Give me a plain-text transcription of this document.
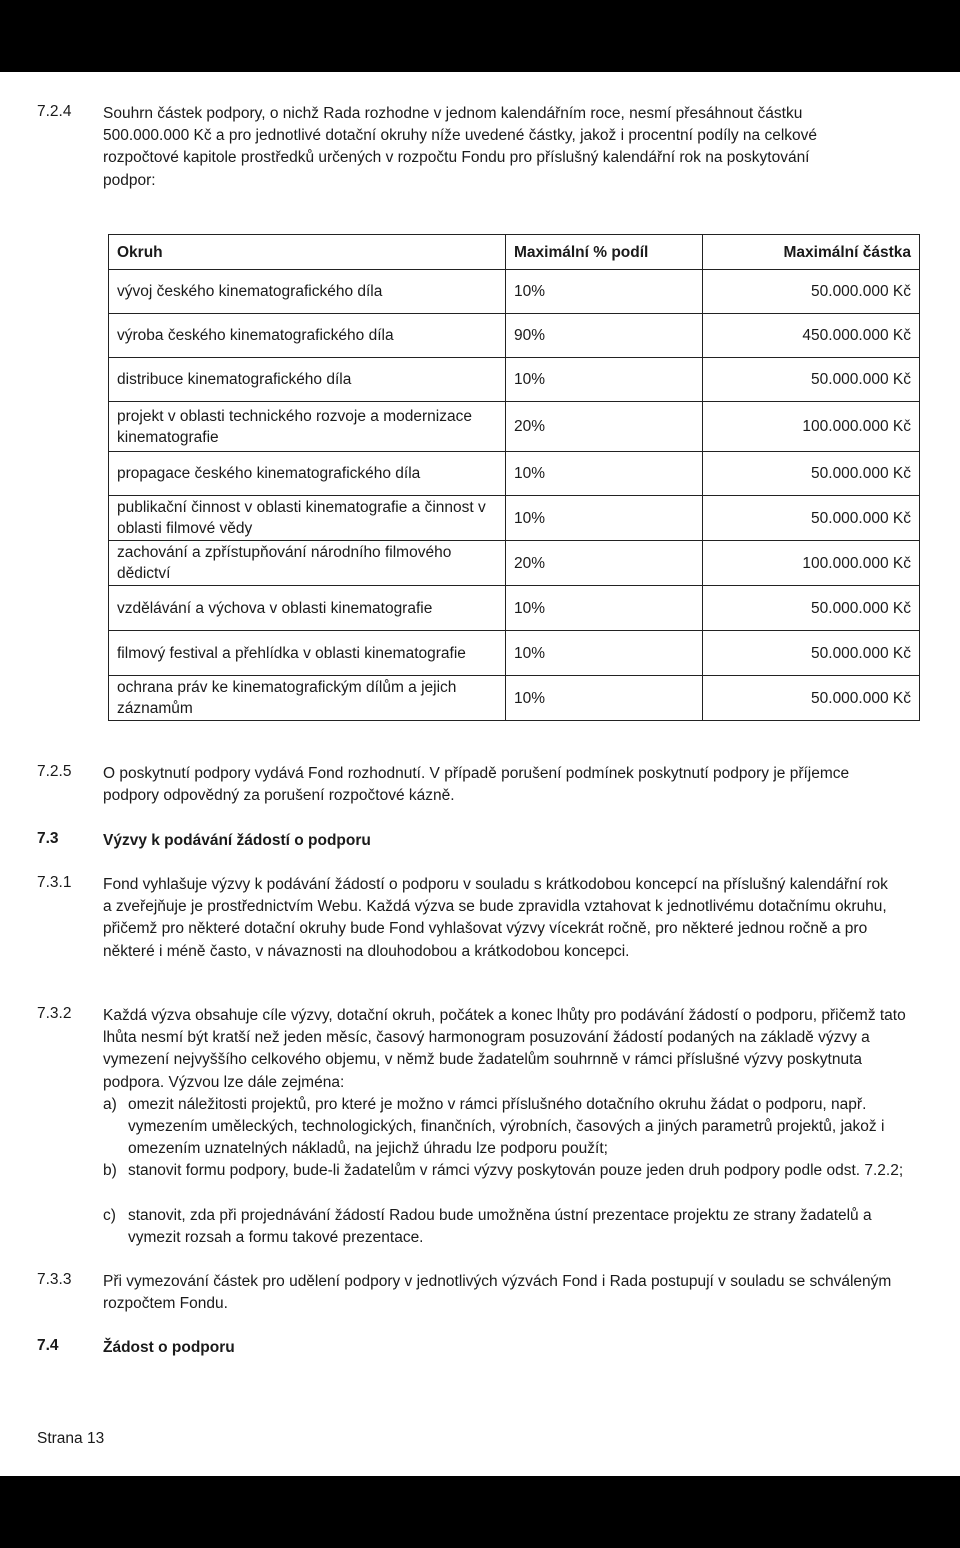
7.2.4 Souhrn částek podpory, o nichž Rada rozhodne v jednom kalendářním roce, nesmí přesáhnout částku
500.000.000 Kč a pro jednotlivé dotační okruhy níže uvedené částky, jakož i procentní podíly na celkové
rozpočtové kapitole prostředků určených v rozpočtu Fondu pro příslušný kalendářní rok na poskytování
podpor:
Okruh	Maximální % podíl	Maximální částka
vývoj českého kinematografického díla	10%	50.000.000 Kč
výroba českého kinematografického díla	90%	450.000.000 Kč
distribuce kinematografického díla	10%	50.000.000 Kč
projekt v oblasti technického rozvoje a modernizace kinematografie	20%	100.000.000 Kč
propagace českého kinematografického díla	10%	50.000.000 Kč
publikační činnost v oblasti kinematografie a činnost v oblasti filmové vědy	10%	50.000.000 Kč
zachování a zpřístupňování národního filmového dědictví	20%	100.000.000 Kč
vzdělávání a výchova v oblasti kinematografie	10%	50.000.000 Kč
filmový festival a přehlídka v oblasti kinematografie	10%	50.000.000 Kč
ochrana práv ke kinematografickým dílům a jejich záznamům	10%	50.000.000 Kč
7.2.5 O poskytnutí podpory vydává Fond rozhodnutí. V případě porušení podmínek poskytnutí podpory je příjemce podpory odpovědný za porušení rozpočtové kázně.
7.3	Výzvy k podávání žádostí o podporu
7.3.1 Fond vyhlašuje výzvy k podávání žádostí o podporu v souladu s krátkodobou koncepcí na příslušný kalendářní rok a zveřejňuje je prostřednictvím Webu. Každá výzva se bude zpravidla vztahovat k jednotlivému dotačnímu okruhu, přičemž pro některé dotační okruhy bude Fond vyhlašovat výzvy vícekrát ročně, pro některé jednou ročně a pro některé i méně často, v návaznosti na dlouhodobou a krátkodobou koncepci.
7.3.2 Každá výzva obsahuje cíle výzvy, dotační okruh, počátek a konec lhůty pro podávání žádostí o podporu, přičemž tato lhůta nesmí být kratší než jeden měsíc, časový harmonogram posuzování žádostí podaných na základě výzvy a vymezení nejvyššího celkového objemu, v němž bude žadatelům souhrnně v rámci příslušné výzvy poskytnuta podpora. Výzvou lze dále zejména:
a) omezit náležitosti projektů, pro které je možno v rámci příslušného dotačního okruhu žádat o podporu, např. vymezením uměleckých, technologických, finančních, výrobních, časových a jiných parametrů projektů, jakož i omezením uznatelných nákladů, na jejichž úhradu lze podporu použít;
b) stanovit formu podpory, bude-li žadatelům v rámci výzvy poskytován pouze jeden druh podpory podle odst. 7.2.2;
c) stanovit, zda při projednávání žádostí Radou bude umožněna ústní prezentace projektu ze strany žadatelů a vymezit rozsah a formu takové prezentace.
7.3.3 Při vymezování částek pro udělení podpory v jednotlivých výzvách Fond i Rada postupují v souladu se schváleným rozpočtem Fondu.
7.4	Žádost o podporu
Strana 13
